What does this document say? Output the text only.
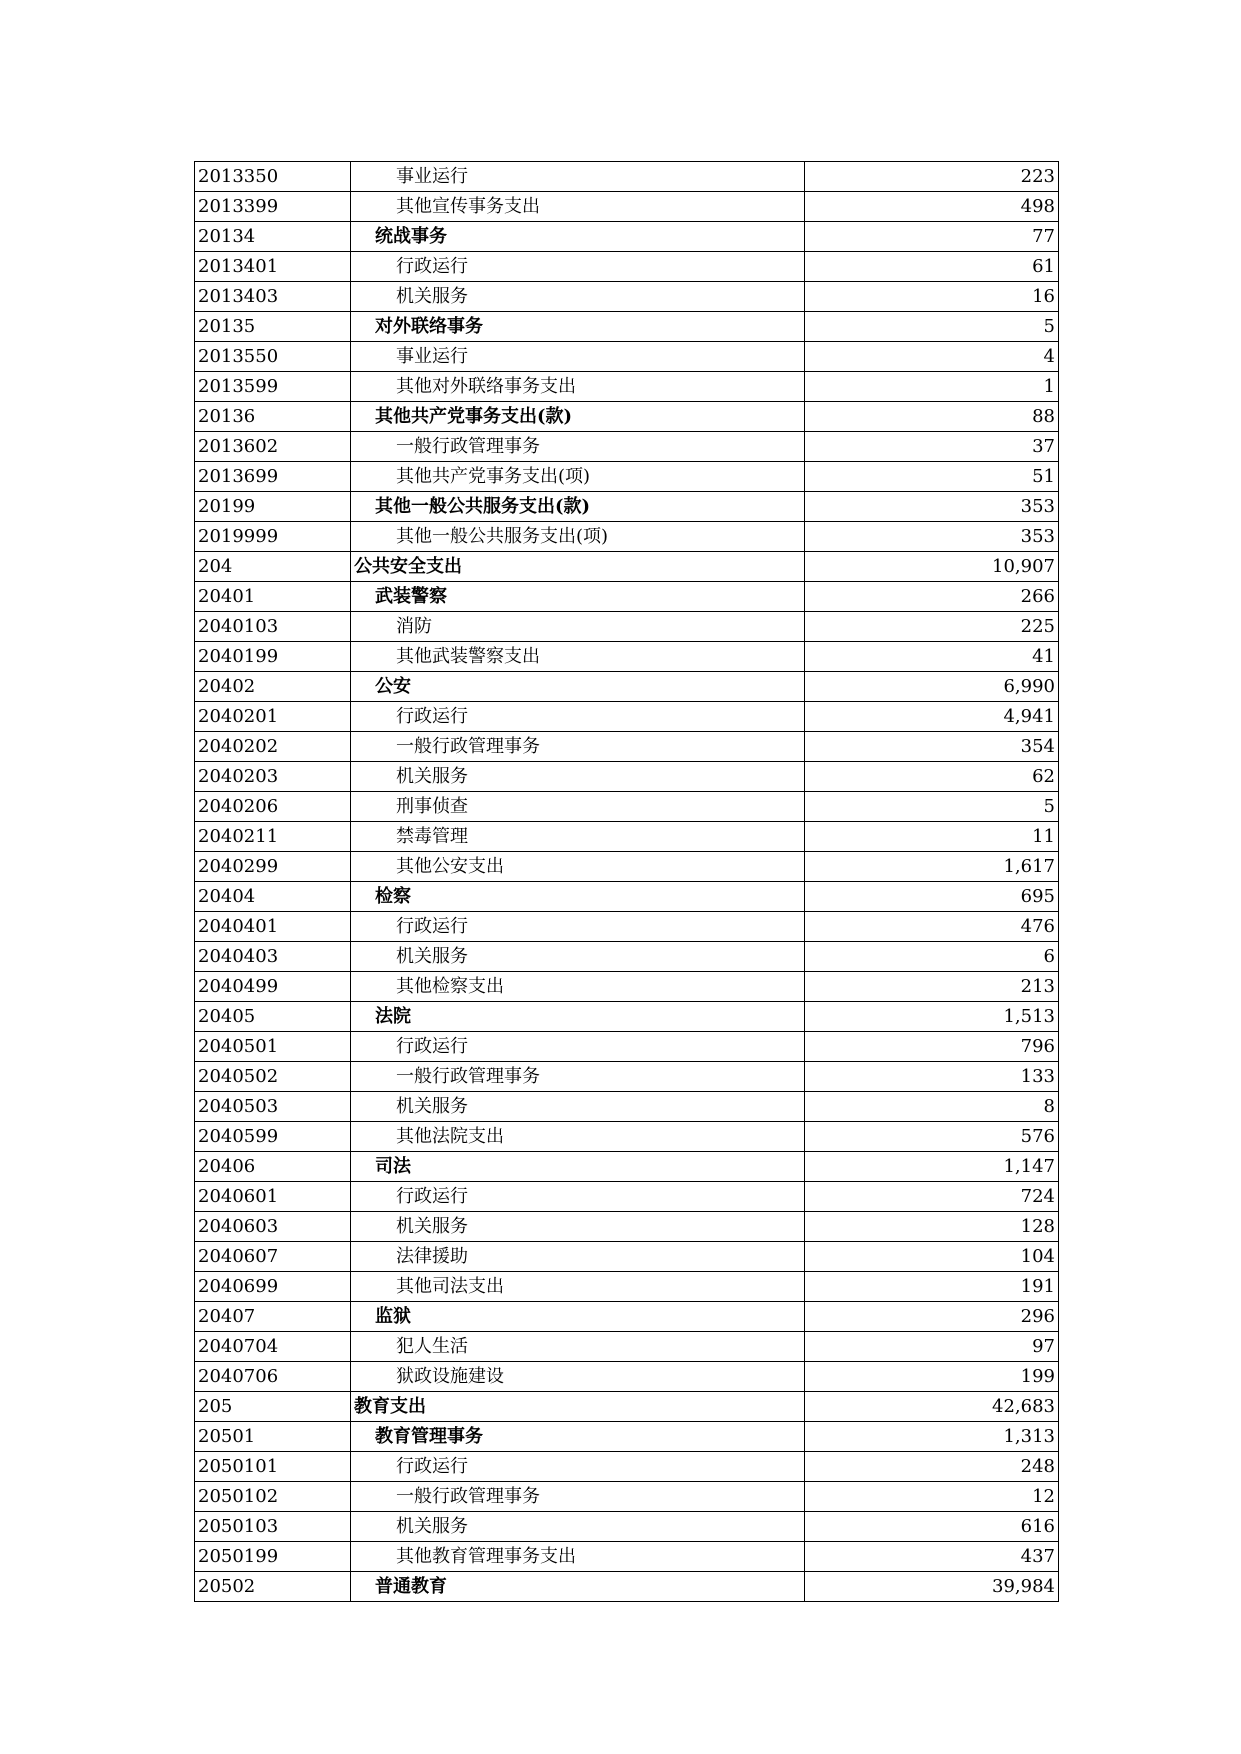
2013350	事业运行	223
2013399	其他宣传事务支出	498
20134	统战事务	77
2013401	行政运行	61
2013403	机关服务	16
20135	对外联络事务	5
2013550	事业运行	4
2013599	其他对外联络事务支出	1
20136	其他共产党事务支出(款)	88
2013602	一般行政管理事务	37
2013699	其他共产党事务支出(项)	51
20199	其他一般公共服务支出(款)	353
2019999	其他一般公共服务支出(项)	353
204	公共安全支出	10,907
20401	武装警察	266
2040103	消防	225
2040199	其他武装警察支出	41
20402	公安	6,990
2040201	行政运行	4,941
2040202	一般行政管理事务	354
2040203	机关服务	62
2040206	刑事侦查	5
2040211	禁毒管理	11
2040299	其他公安支出	1,617
20404	检察	695
2040401	行政运行	476
2040403	机关服务	6
2040499	其他检察支出	213
20405	法院	1,513
2040501	行政运行	796
2040502	一般行政管理事务	133
2040503	机关服务	8
2040599	其他法院支出	576
20406	司法	1,147
2040601	行政运行	724
2040603	机关服务	128
2040607	法律援助	104
2040699	其他司法支出	191
20407	监狱	296
2040704	犯人生活	97
2040706	狱政设施建设	199
205	教育支出	42,683
20501	教育管理事务	1,313
2050101	行政运行	248
2050102	一般行政管理事务	12
2050103	机关服务	616
2050199	其他教育管理事务支出	437
20502	普通教育	39,984
